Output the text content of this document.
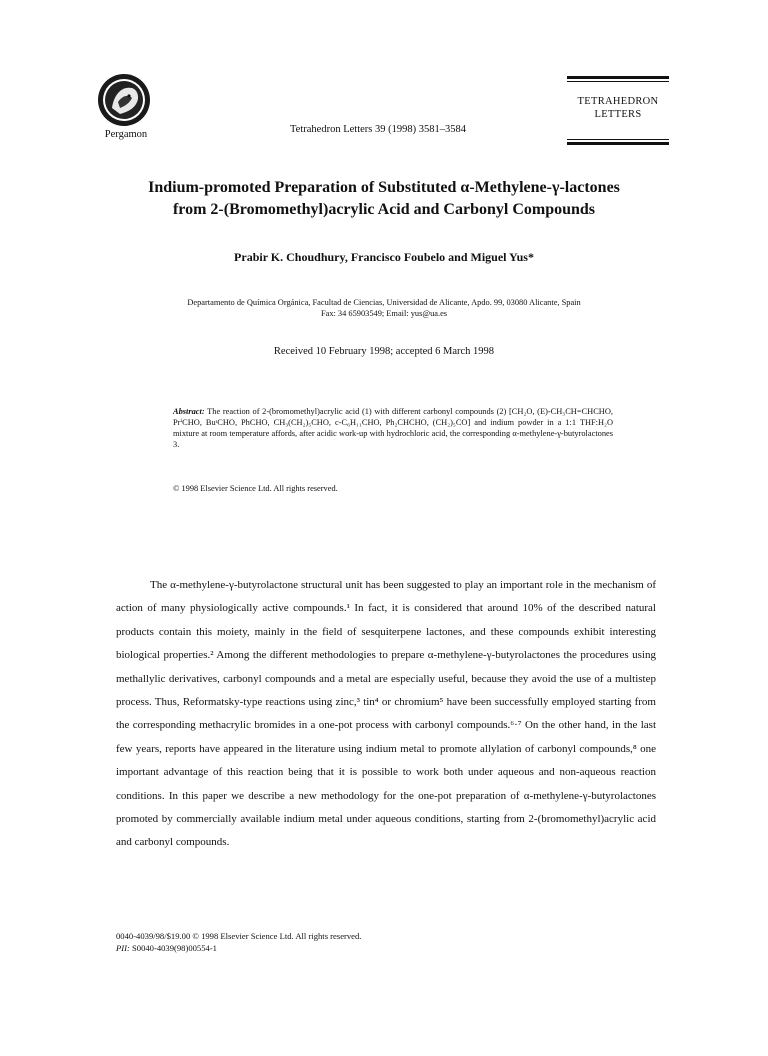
Pergamon	Tetrahedron Letters 39 (1998) 3581–3584
TETRAHEDRON
LETTERS
Indium-promoted Preparation of Substituted α-Methylene-γ-lactones
from 2-(Bromomethyl)acrylic Acid and Carbonyl Compounds
Prabir K. Choudhury, Francisco Foubelo and Miguel Yus*
Departamento de Química Orgánica, Facultad de Ciencias, Universidad de Alicante, Apdo. 99, 03080 Alicante, Spain
Fax: 34 65903549; Email: yus@ua.es
Received 10 February 1998; accepted 6 March 1998
Abstract: The reaction of 2-(bromomethyl)acrylic acid (1) with different carbonyl compounds (2) [CH₂O, (E)-CH₃CH=CHCHO, PrⁱCHO, BuᵗCHO, PhCHO, CH₃(CH₂)₅CHO, c-C₆H₁₁CHO, Ph₂CHCHO, (CH₂)₅CO] and indium powder in a 1:1 THF:H₂O mixture at room temperature affords, after acidic work-up with hydrochloric acid, the corresponding α-methylene-γ-butyrolactones 3.
© 1998 Elsevier Science Ltd. All rights reserved.

The α-methylene-γ-butyrolactone structural unit has been suggested to play an important role in the mechanism of action of many physiologically active compounds.¹ In fact, it is considered that around 10% of the described natural products contain this moiety, mainly in the field of sesquiterpene lactones, and these compounds exhibit interesting biological properties.² Among the different methodologies to prepare α-methylene-γ-butyrolactones the procedures using methallylic derivatives, carbonyl compounds and a metal are especially useful, because they avoid the use of a multistep process. Thus, Reformatsky-type reactions using zinc,³ tin⁴ or chromium⁵ have been successfully employed starting from the corresponding methacrylic bromides in a one-pot process with carbonyl compounds.⁶·⁷ On the other hand, in the last few years, reports have appeared in the literature using indium metal to promote allylation of carbonyl compounds,⁸ one important advantage of this reaction being that it is possible to work both under aqueous and non-aqueous reaction conditions. In this paper we describe a new methodology for the one-pot preparation of α-methylene-γ-butyrolactones promoted by commercially available indium metal under aqueous conditions, starting from 2-(bromomethyl)acrylic acid and carbonyl compounds.

0040-4039/98/$19.00 © 1998 Elsevier Science Ltd. All rights reserved.
PII: S0040-4039(98)00554-1
